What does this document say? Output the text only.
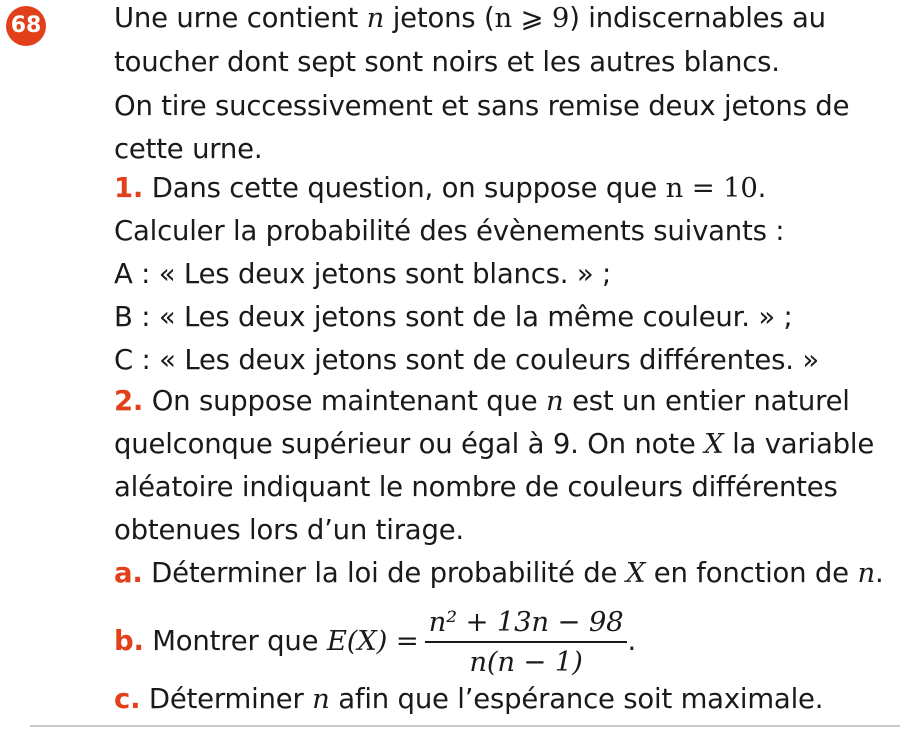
68	Une urne contient n jetons (n ⩾ 9) indiscernables au
toucher dont sept sont noirs et les autres blancs.
On tire successivement et sans remise deux jetons de
cette urne.
1. Dans cette question, on suppose que n = 10.
Calculer la probabilité des évènements suivants :
A : « Les deux jetons sont blancs. » ;
B : « Les deux jetons sont de la même couleur. » ;
C : « Les deux jetons sont de couleurs différentes. »
2. On suppose maintenant que n est un entier naturel
quelconque supérieur ou égal à 9. On note X la variable
aléatoire indiquant le nombre de couleurs différentes
obtenues lors d’un tirage.
a. Déterminer la loi de probabilité de X en fonction de n.
b. Montrer que $E(X) = \frac{\text{n² + 13n − 98}}{n(n - 1)}$ .
c. Déterminer n afin que l’espérance soit maximale.
